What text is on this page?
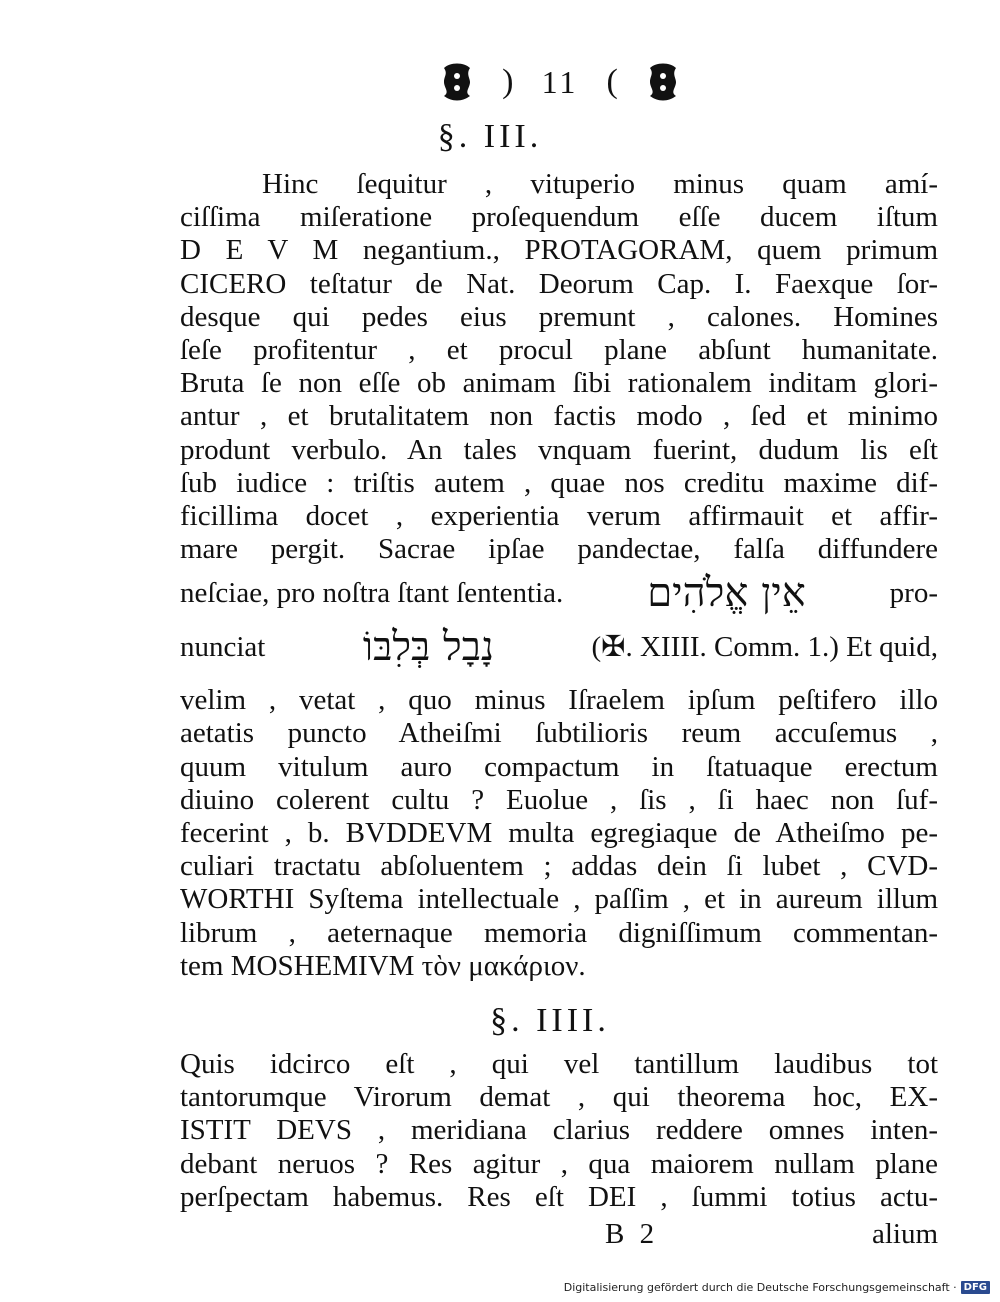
) 11 (
§. III.
Hinc ſequitur , vituperio minus quam amí-
ciſſima miſeratione proſequendum eſſe ducem iſtum
D E V M negantium., PROTAGORAM, quem primum
CICERO teſtatur de Nat. Deorum Cap. I. Faexque ſor-
desque qui pedes eius premunt , calones. Homines
ſeſe profitentur , et procul plane abſunt humanitate.
Bruta ſe non eſſe ob animam ſibi rationalem inditam glori-
antur , et brutalitatem non factis modo , ſed et minimo
produnt verbulo. An tales vnquam fuerint, dudum lis eſt
ſub iudice : triſtis autem , quae nos creditu maxime dif-
ficillima docet , experientia verum affirmauit et affir-
mare pergit. Sacrae ipſae pandectae, falſa diffundere
neſciae, pro noſtra ſtant ſententia. אֵין אֱלֹהִים	pro-
nunciat נָבָל בְּלִבּוֹ	(✠. XIIII. Comm. 1.) Et quid,
velim , vetat , quo minus Iſraelem ipſum peſtifero illo
aetatis puncto Atheiſmi ſubtilioris reum accuſemus ,
quum vitulum auro compactum in ſtatuaque erectum
diuino colerent cultu ? Euolue , ſis , ſi haec non ſuf-
fecerint , b. BVDDEVM multa egregiaque de Atheiſmo pe-
culiari tractatu abſoluentem ; addas dein ſi lubet , CVD-
WORTHI Syſtema intellectuale , paſſim , et in aureum illum
librum , aeternaque memoria digniſſimum commentan-
tem MOSHEMIVM τὸν μακάριον.
§. IIII.
Quis idcirco eſt , qui vel tantillum laudibus tot
tantorumque Virorum demat , qui theorema hoc, EX-
ISTIT DEVS , meridiana clarius reddere omnes inten-
debant neruos ? Res agitur , qua maiorem nullam plane
perſpectam habemus. Res eſt DEI , ſummi totius actu-
B 2	alium
Digitalisierung gefördert durch die Deutsche Forschungsgemeinschaft · DFG
